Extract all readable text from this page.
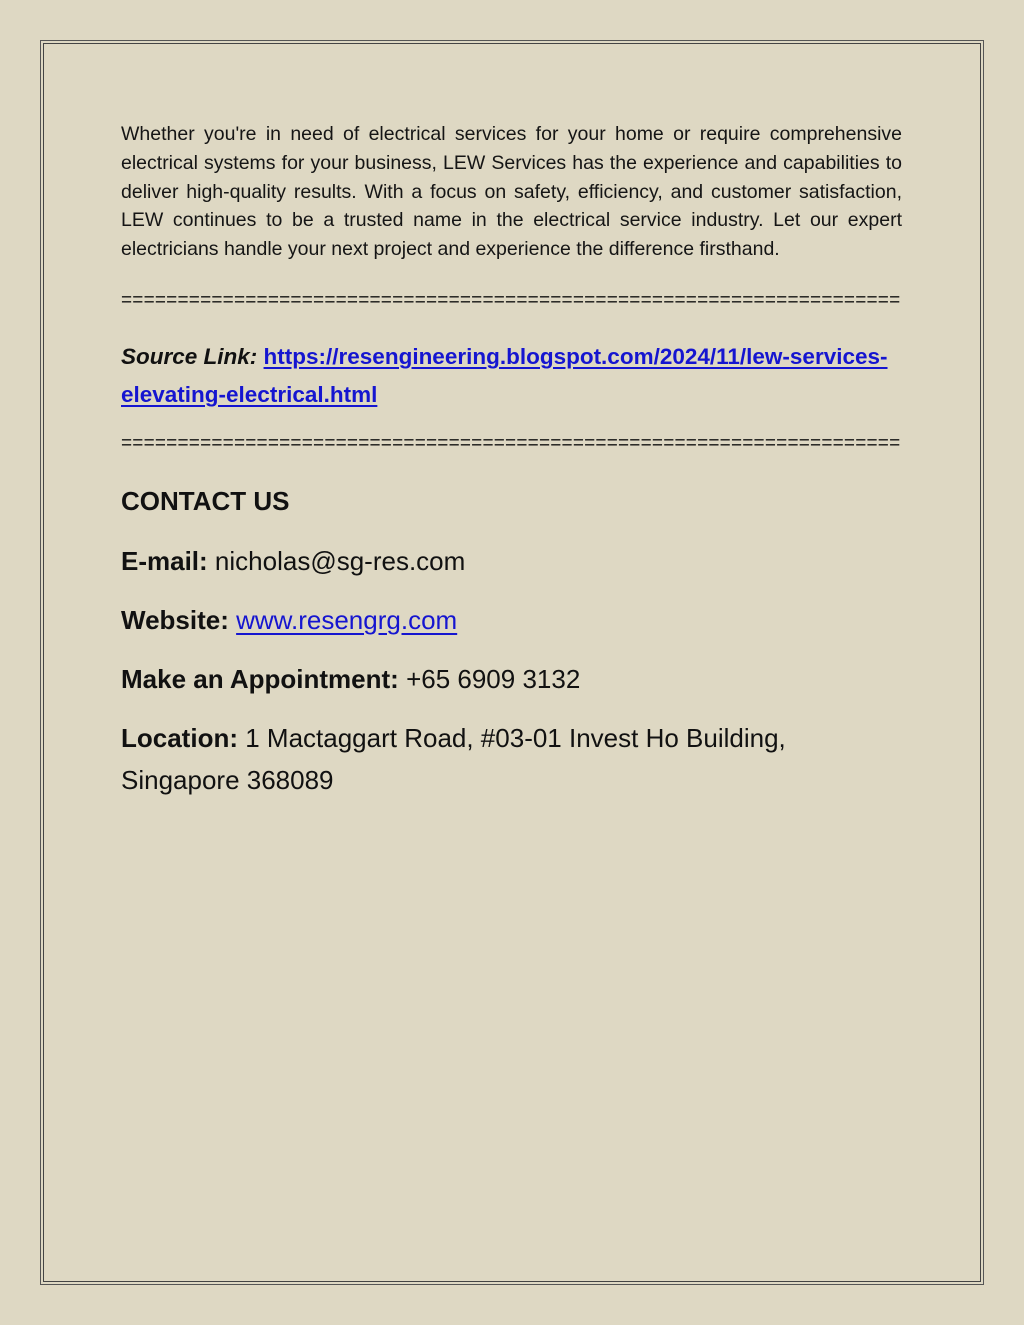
Whether you're in need of electrical services for your home or require comprehensive electrical systems for your business, LEW Services has the experience and capabilities to deliver high-quality results. With a focus on safety, efficiency, and customer satisfaction, LEW continues to be a trusted name in the electrical service industry. Let our expert electricians handle your next project and experience the difference firsthand.

=====================================================================
Source Link: https://resengineering.blogspot.com/2024/11/lew-services-elevating-electrical.html
=====================================================================
CONTACT US
E-mail: nicholas@sg-res.com
Website: www.resengrg.com
Make an Appointment: +65 6909 3132
Location: 1 Mactaggart Road, #03-01 Invest Ho Building, Singapore 368089
